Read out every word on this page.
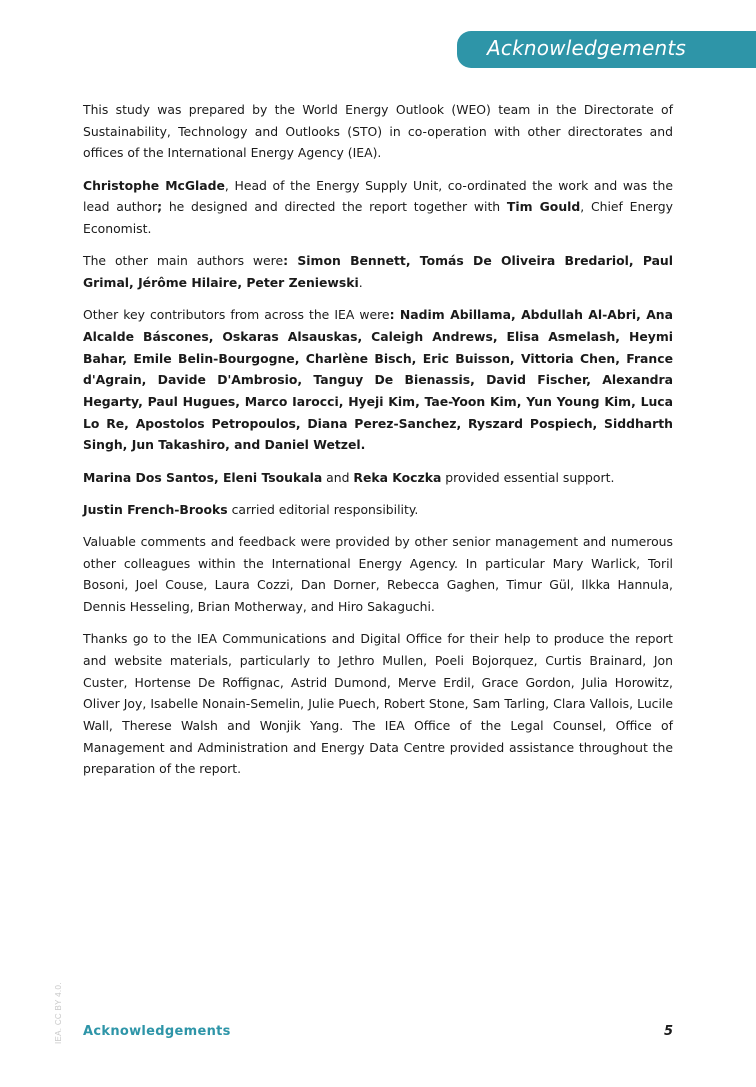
Acknowledgements

This study was prepared by the World Energy Outlook (WEO) team in the Directorate of Sustainability, Technology and Outlooks (STO) in co-operation with other directorates and offices of the International Energy Agency (IEA).

Christophe McGlade, Head of the Energy Supply Unit, co-ordinated the work and was the lead author; he designed and directed the report together with Tim Gould, Chief Energy Economist.

The other main authors were: Simon Bennett, Tomás De Oliveira Bredariol, Paul Grimal, Jérôme Hilaire, Peter Zeniewski.

Other key contributors from across the IEA were: Nadim Abillama, Abdullah Al-Abri, Ana Alcalde Báscones, Oskaras Alsauskas, Caleigh Andrews, Elisa Asmelash, Heymi Bahar, Emile Belin-Bourgogne, Charlène Bisch, Eric Buisson, Vittoria Chen, France d'Agrain, Davide D'Ambrosio, Tanguy De Bienassis, David Fischer, Alexandra Hegarty, Paul Hugues, Marco Iarocci, Hyeji Kim, Tae-Yoon Kim, Yun Young Kim, Luca Lo Re, Apostolos Petropoulos, Diana Perez-Sanchez, Ryszard Pospiech, Siddharth Singh, Jun Takashiro, and Daniel Wetzel.

Marina Dos Santos, Eleni Tsoukala and Reka Koczka provided essential support.

Justin French-Brooks carried editorial responsibility.

Valuable comments and feedback were provided by other senior management and numerous other colleagues within the International Energy Agency. In particular Mary Warlick, Toril Bosoni, Joel Couse, Laura Cozzi, Dan Dorner, Rebecca Gaghen, Timur Gül, Ilkka Hannula, Dennis Hesseling, Brian Motherway, and Hiro Sakaguchi.

Thanks go to the IEA Communications and Digital Office for their help to produce the report and website materials, particularly to Jethro Mullen, Poeli Bojorquez, Curtis Brainard, Jon Custer, Hortense De Roffignac, Astrid Dumond, Merve Erdil, Grace Gordon, Julia Horowitz, Oliver Joy, Isabelle Nonain-Semelin, Julie Puech, Robert Stone, Sam Tarling, Clara Vallois, Lucile Wall, Therese Walsh and Wonjik Yang. The IEA Office of the Legal Counsel, Office of Management and Administration and Energy Data Centre provided assistance throughout the preparation of the report.

IEA. CC BY 4.0. Acknowledgements	5
